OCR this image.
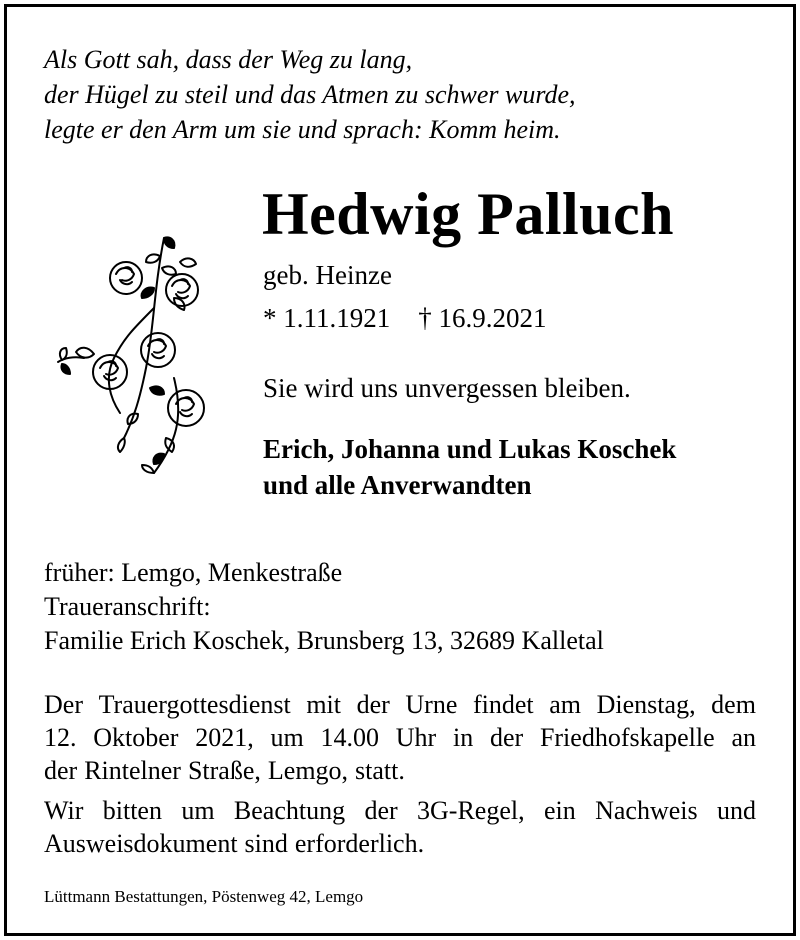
Als Gott sah, dass der Weg zu lang,
der Hügel zu steil und das Atmen zu schwer wurde,
legte er den Arm um sie und sprach: Komm heim.
Hedwig Palluch
geb. Heinze
* 1.11.1921 † 16.9.2021
Sie wird uns unvergessen bleiben.
Erich, Johanna und Lukas Koschek
und alle Anverwandten
früher: Lemgo, Menkestraße
Traueranschrift:
Familie Erich Koschek, Brunsberg 13, 32689 Kalletal
Der Trauergottesdienst mit der Urne findet am Dienstag, dem
12. Oktober 2021, um 14.00 Uhr in der Friedhofskapelle an
der Rintelner Straße, Lemgo, statt.
Wir bitten um Beachtung der 3G-Regel, ein Nachweis und
Ausweisdokument sind erforderlich.
Lüttmann Bestattungen, Pöstenweg 42, Lemgo
